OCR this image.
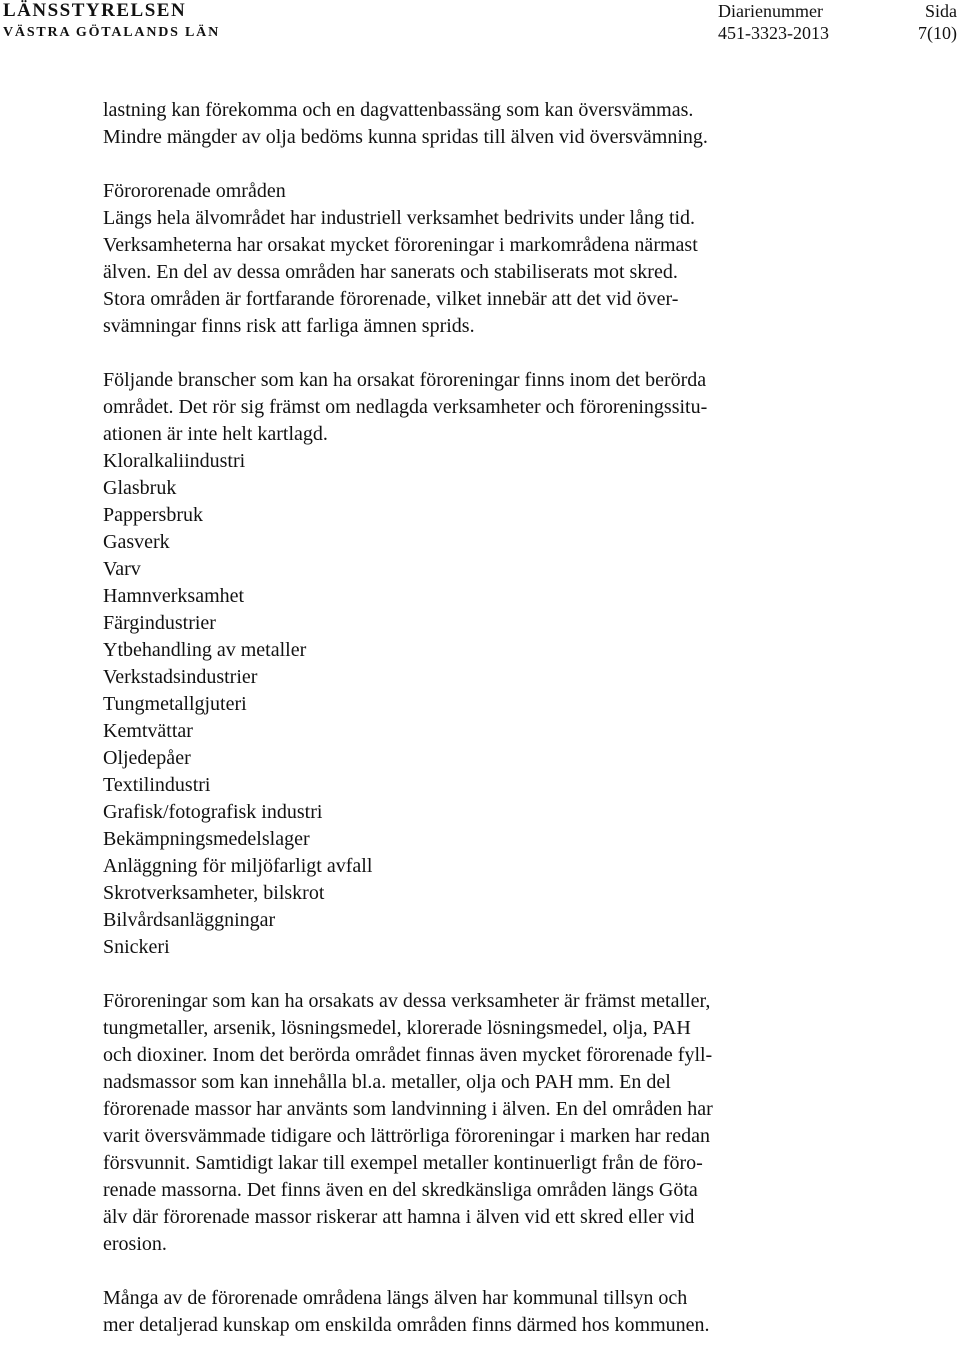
LÄNSSTYRELSEN
VÄSTRA GÖTALANDS LÄN
Diarienummer
451-3323-2013
Sida
7(10)

lastning kan förekomma och en dagvattenbassäng som kan översvämmas.
Mindre mängder av olja bedöms kunna spridas till älven vid översvämning.

Förororenade områden

Längs hela älvområdet har industriell verksamhet bedrivits under lång tid.
Verksamheterna har orsakat mycket föroreningar i markområdena närmast
älven. En del av dessa områden har sanerats och stabiliserats mot skred.
Stora områden är fortfarande förorenade, vilket innebär att det vid över-
svämningar finns risk att farliga ämnen sprids.

Följande branscher som kan ha orsakat föroreningar finns inom det berörda
området. Det rör sig främst om nedlagda verksamheter och föroreningssitu-
ationen är inte helt kartlagd.

Kloralkaliindustri
Glasbruk
Pappersbruk
Gasverk
Varv
Hamnverksamhet
Färgindustrier
Ytbehandling av metaller
Verkstadsindustrier
Tungmetallgjuteri
Kemtvättar
Oljedepåer
Textilindustri
Grafisk/fotografisk industri
Bekämpningsmedelslager
Anläggning för miljöfarligt avfall
Skrotverksamheter, bilskrot
Bilvårdsanläggningar
Snickeri

Föroreningar som kan ha orsakats av dessa verksamheter är främst metaller,
tungmetaller, arsenik, lösningsmedel, klorerade lösningsmedel, olja, PAH
och dioxiner. Inom det berörda området finnas även mycket förorenade fyll-
nadsmassor som kan innehålla bl.a. metaller, olja och PAH mm. En del
förorenade massor har använts som landvinning i älven. En del områden har
varit översvämmade tidigare och lättrörliga föroreningar i marken har redan
försvunnit. Samtidigt lakar till exempel metaller kontinuerligt från de föro-
renade massorna. Det finns även en del skredkänsliga områden längs Göta
älv där förorenade massor riskerar att hamna i älven vid ett skred eller vid
erosion.

Många av de förorenade områdena längs älven har kommunal tillsyn och
mer detaljerad kunskap om enskilda områden finns därmed hos kommunen.
